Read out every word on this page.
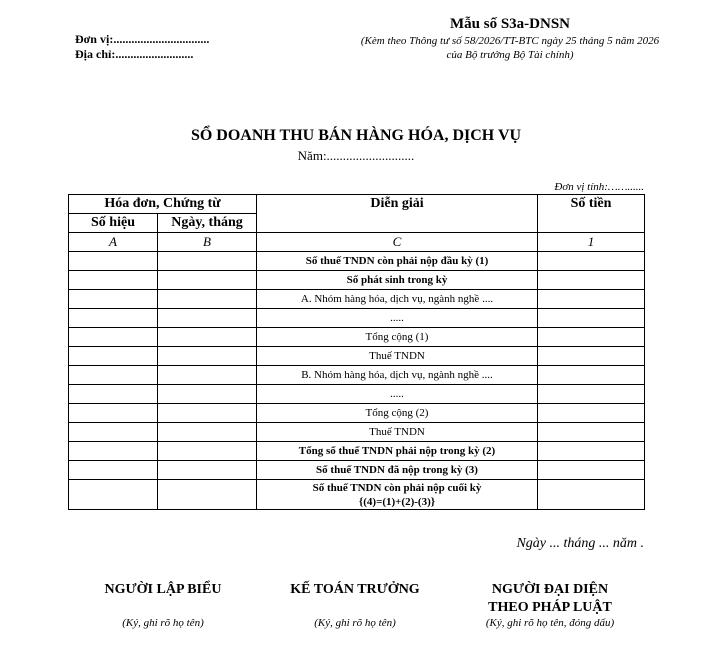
Đơn vị:................................
Địa chỉ:..........................
Mẫu số S3a-DNSN
(Kèm theo Thông tư số 58/2026/TT-BTC ngày 25 tháng 5 năm 2026 của Bộ trưởng Bộ Tài chính)
SỔ DOANH THU BÁN HÀNG HÓA, DỊCH VỤ
Năm:...........................
Đơn vị tính:……......
Hóa đơn, Chứng từ		Diễn giải	Số tiền
Số hiệu	Ngày, tháng		
A	B	C	1
		Số thuế TNDN còn phải nộp đầu kỳ (1)	
		Số phát sinh trong kỳ	
		A. Nhóm hàng hóa, dịch vụ, ngành nghề ....	
		.....	
		Tổng cộng (1)	
		Thuế TNDN	
		B. Nhóm hàng hóa, dịch vụ, ngành nghề ....	
		.....	
		Tổng cộng (2)	
		Thuế TNDN	
		Tổng số thuế TNDN phải nộp trong kỳ (2)	
		Số thuế TNDN đã nộp trong kỳ (3)	

		Số thuế TNDN còn phải nộp cuối kỳ
{(4)=(1)+(2)-(3)}	

Ngày ... tháng ... năm .
NGƯỜI LẬP BIỂU	KẾ TOÁN TRƯỞNG	NGƯỜI ĐẠI DIỆN
THEO PHÁP LUẬT
(Ký, ghi rõ họ tên)	(Ký, ghi rõ họ tên)	(Ký, ghi rõ họ tên, đóng dấu)
